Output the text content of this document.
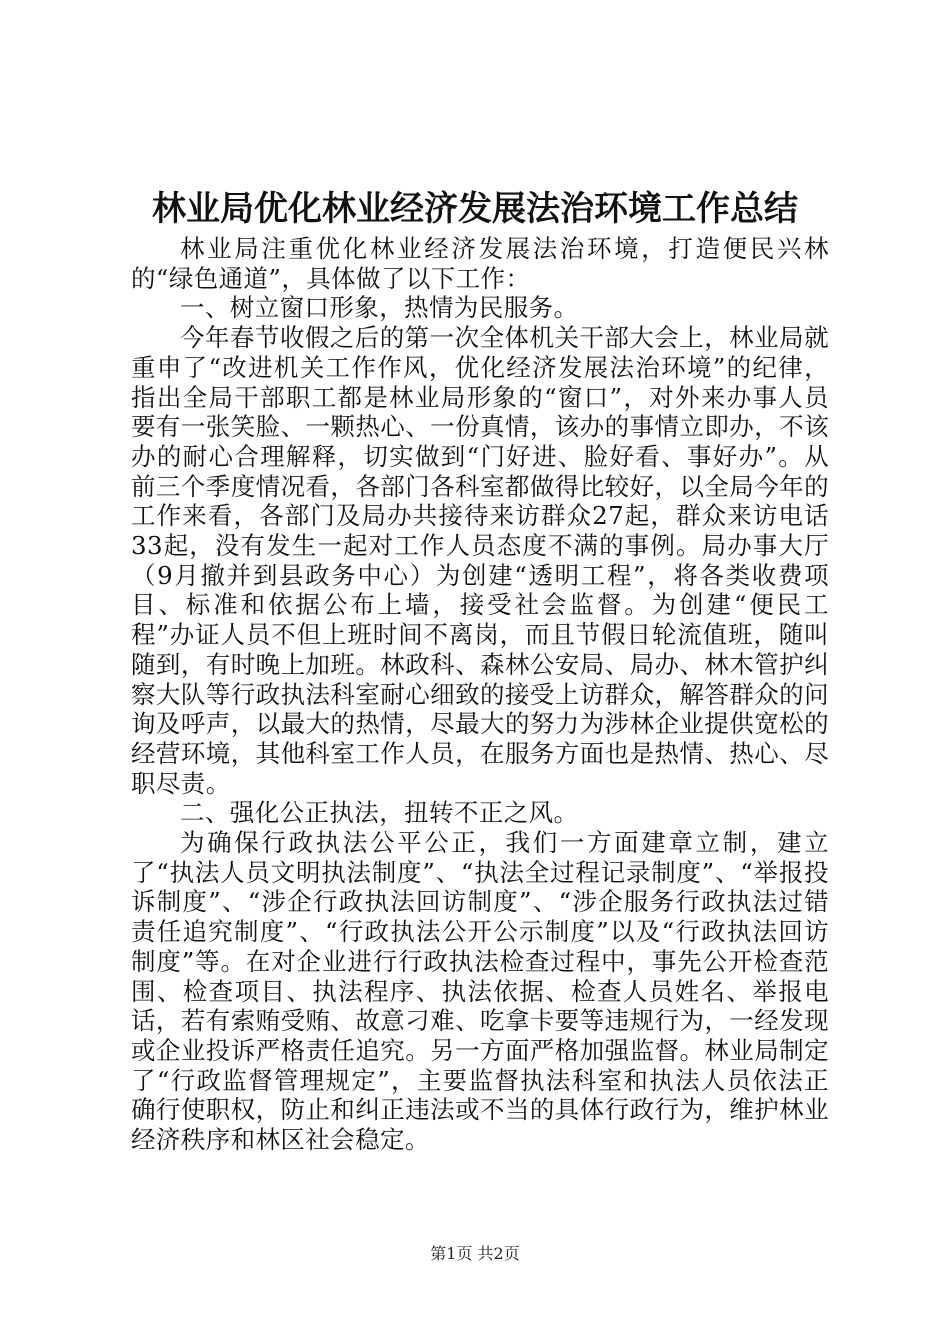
林业局优化林业经济发展法治环境工作总结

林业局注重优化林业经济发展法治环境，打造便民兴林的“绿色通道”，具体做了以下工作：

一、树立窗口形象，热情为民服务。

今年春节收假之后的第一次全体机关干部大会上，林业局就重申了“改进机关工作作风，优化经济发展法治环境”的纪律，指出全局干部职工都是林业局形象的“窗口”，对外来办事人员要有一张笑脸、一颗热心、一份真情，该办的事情立即办，不该办的耐心合理解释，切实做到“门好进、脸好看、事好办”。从前三个季度情况看，各部门各科室都做得比较好，以全局今年的工作来看，各部门及局办共接待来访群众27起，群众来访电话33起，没有发生一起对工作人员态度不满的事例。局办事大厅（9月撤并到县政务中心）为创建“透明工程”，将各类收费项目、标准和依据公布上墙，接受社会监督。为创建“便民工程”办证人员不但上班时间不离岗，而且节假日轮流值班，随叫随到，有时晚上加班。林政科、森林公安局、局办、林木管护纠察大队等行政执法科室耐心细致的接受上访群众，解答群众的问询及呼声，以最大的热情，尽最大的努力为涉林企业提供宽松的经营环境，其他科室工作人员，在服务方面也是热情、热心、尽职尽责。

二、强化公正执法，扭转不正之风。

为确保行政执法公平公正，我们一方面建章立制，建立了“执法人员文明执法制度”、“执法全过程记录制度”、“举报投诉制度”、“涉企行政执法回访制度”、“涉企服务行政执法过错责任追究制度”、“行政执法公开公示制度”以及“行政执法回访制度”等。在对企业进行行政执法检查过程中，事先公开检查范围、检查项目、执法程序、执法依据、检查人员姓名、举报电话，若有索贿受贿、故意刁难、吃拿卡要等违规行为，一经发现或企业投诉严格责任追究。另一方面严格加强监督。林业局制定了“行政监督管理规定”，主要监督执法科室和执法人员依法正确行使职权，防止和纠正违法或不当的具体行政行为，维护林业经济秩序和林区社会稳定。

第1页 共2页
